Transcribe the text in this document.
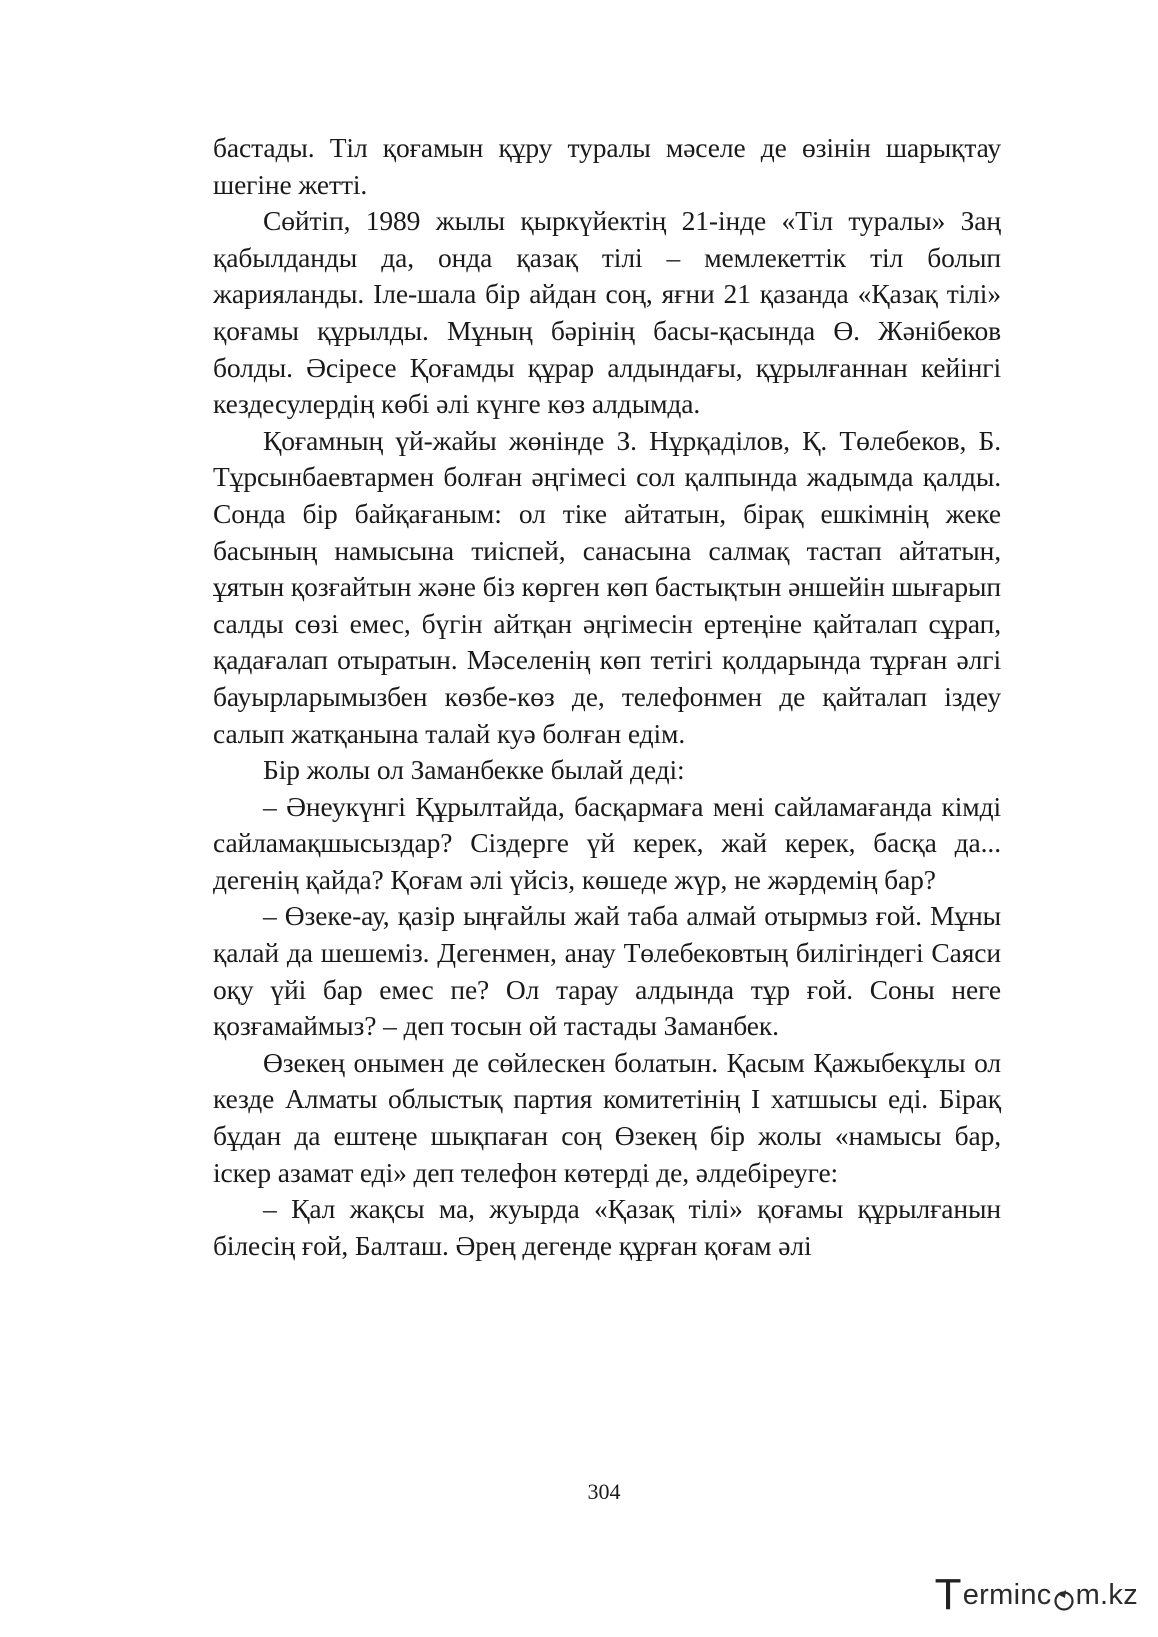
бастады. Тіл қоғамын құру туралы мәселе де өзінін шарықтау шегіне жетті.

Сөйтіп, 1989 жылы қыркүйектің 21-інде «Тіл туралы» Заң қабылданды да, онда қазақ тілі – мемлекеттік тіл болып жарияланды. Іле-шала бір айдан соң, яғни 21 қазанда «Қазақ тілі» қоғамы құрылды. Мұның бәрінің басы-қасында Ө. Жәнібеков болды. Әсіресе Қоғамды құрар алдындағы, құрылғаннан кейінгі кездесулердің көбі әлі күнге көз алдымда.

Қоғамның үй-жайы жөнінде З. Нұрқаділов, Қ. Төлебеков, Б. Тұрсынбаевтармен болған әңгімесі сол қалпында жадымда қалды. Сонда бір байқағаным: ол тіке айтатын, бірақ ешкімнің жеке басының намысына тиіспей, санасына салмақ тастап айтатын, ұятын қозғайтын және біз көрген көп бастықтын әншейін шығарып салды сөзі емес, бүгін айтқан әңгімесін ертеңіне қайталап сұрап, қадағалап отыратын. Мәселенің көп тетігі қолдарында тұрған әлгі бауырларымызбен көзбе-көз де, телефонмен де қайталап іздеу салып жатқанына талай куә болған едім.

Бір жолы ол Заманбекке былай деді:

– Әнеукүнгі Құрылтайда, басқармаға мені сайламағанда кімді сайламақшысыздар? Сіздерге үй керек, жай керек, басқа да... дегенің қайда? Қоғам әлі үйсіз, көшеде жүр, не жәрдемің бар?

– Өзеке-ау, қазір ыңғайлы жай таба алмай отырмыз ғой. Мұны қалай да шешеміз. Дегенмен, анау Төлебековтың билігіндегі Саяси оқу үйі бар емес пе? Ол тарау алдында тұр ғой. Соны неге қозғамаймыз? – деп тосын ой тастады Заманбек.

Өзекең онымен де сөйлескен болатын. Қасым Қажыбекұлы ол кезде Алматы облыстық партия комитетінің І хатшысы еді. Бірақ бұдан да ештеңе шықпаған соң Өзекең бір жолы «намысы бар, іскер азамат еді» деп телефон көтерді де, әлдебіреуге:

– Қал жақсы ма, жуырда «Қазақ тілі» қоғамы құрылғанын білесің ғой, Балташ. Әрең дегенде құрған қоғам әлі

304
T erminc m.kz
